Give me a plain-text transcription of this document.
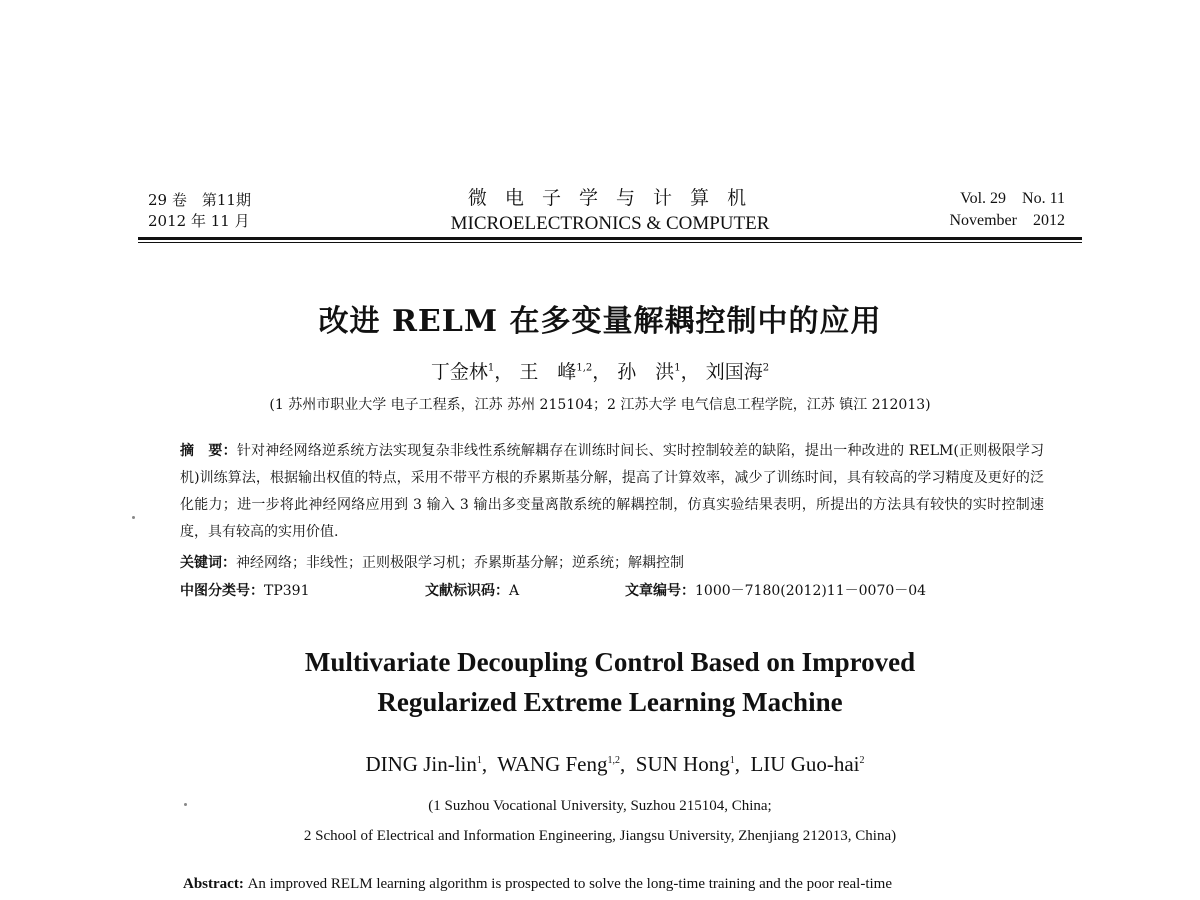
29 卷　第11期
2012 年 11 月
微 电 子 学 与 计 算 机
MICROELECTRONICS & COMPUTER
Vol. 29　No. 11
November　2012
改进 RELM 在多变量解耦控制中的应用
丁金林$^1$， 王　峰$^{1,2}$， 孙　洪$^1$， 刘国海$^2$
(1 苏州市职业大学 电子工程系，江苏 苏州 215104；2 江苏大学 电气信息工程学院，江苏 镇江 212013)
摘　要：针对神经网络逆系统方法实现复杂非线性系统解耦存在训练时间长、实时控制较差的缺陷，提出一种改进的 RELM(正则极限学习机)训练算法，根据输出权值的特点，采用不带平方根的乔累斯基分解，提高了计算效率，减少了训练时间，具有较高的学习精度及更好的泛化能力；进一步将此神经网络应用到 3 输入 3 输出多变量离散系统的解耦控制，仿真实验结果表明，所提出的方法具有较快的实时控制速度，具有较高的实用价值.
关键词：神经网络；非线性；正则极限学习机；乔累斯基分解；逆系统；解耦控制
中图分类号：TP391	文献标识码：A	文章编号：1000－7180(2012)11－0070－04
Multivariate Decoupling Control Based on Improved
Regularized Extreme Learning Machine
DING Jin-lin$^1$,  WANG Feng$^{1,2}$,  SUN Hong$^1$,  LIU Guo-hai$^2$
(1 Suzhou Vocational University, Suzhou 215104, China;
2 School of Electrical and Information Engineering, Jiangsu University, Zhenjiang 212013, China)
Abstract: An improved RELM learning algorithm is prospected to solve the long-time training and the poor real-time
